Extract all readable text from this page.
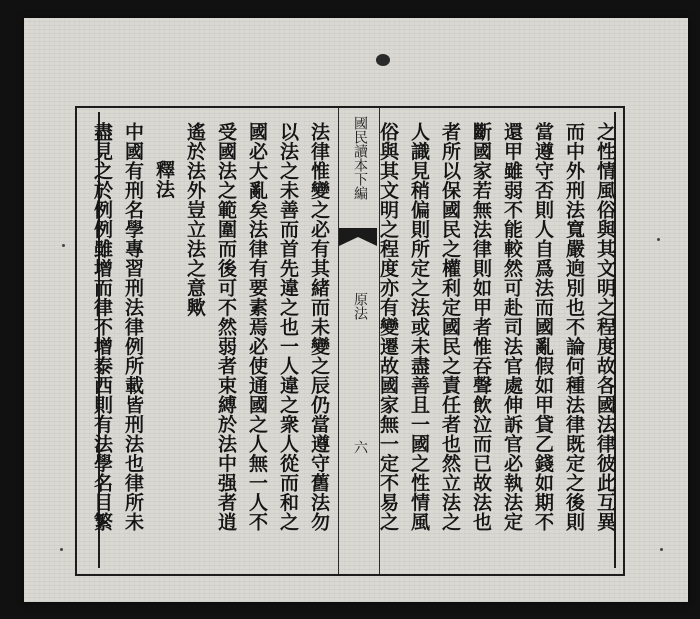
之性情風俗與其文明之程度故各國法律彼此互異
而中外刑法寬嚴逈別也不論何種法律既定之後則
當遵守否則人自爲法而國亂假如甲貸乙錢如期不
還甲雖弱不能較然可赴司法官處伸訴官必執法定
斷國家若無法律則如甲者惟吞聲飲泣而已故法也
者所以保國民之權利定國民之責任者也然立法之
人識見稍偏則所定之法或未盡善且一國之性情風
俗與其文明之程度亦有變遷故國家無一定不易之
國民讀本下編
原法
六
法律惟變之必有其緒而未變之辰仍當遵守舊法勿
以法之未善而首先違之也一人違之衆人從而和之
國必大亂矣法律有要素焉必使通國之人無一人不
受國法之範圍而後可不然弱者束縛於法中强者逍
遙於法外豈立法之意歟
釋法
中國有刑名學專習刑法律例所載皆刑法也律所未
盡見之於例例雖增而律不增泰西則有法學名目繁
